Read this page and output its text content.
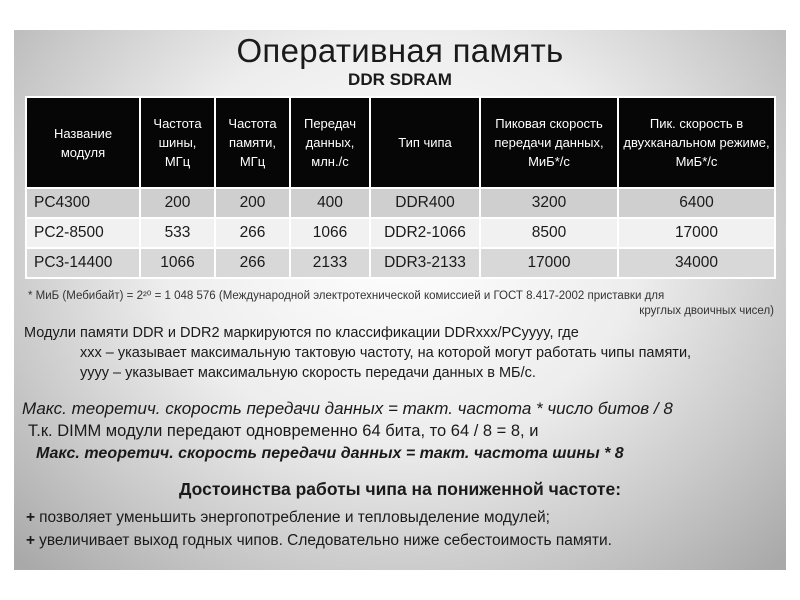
Оперативная память
DDR SDRAM
Название модуля	Частота шины, МГц	Частота памяти, МГц	Передач данных, млн./с	Тип чипа	Пиковая скорость передачи данных, МиБ*/с	Пик. скорость в двухканальном режиме, МиБ*/с
PC4300	200	200	400	DDR400	3200	6400
PC2-8500	533	266	1066	DDR2-1066	8500	17000
PC3-14400	1066	266	2133	DDR3-2133	17000	34000
* МиБ (Мебибайт) = 2²⁰ = 1 048 576 (Международной электротехнической комиссией и ГОСТ 8.417-2002 приставки для
круглых двоичных чисел)
Модули памяти DDR и DDR2 маркируются по классификации DDRxxx/PCyyyy, где
xxx – указывает максимальную тактовую частоту, на которой могут работать чипы памяти,
yyyy – указывает максимальную скорость передачи данных в МБ/с.
Макс. теоретич. скорость передачи данных = такт. частота * число битов / 8
Т.к. DIMM модули передают одновременно 64 бита, то 64 / 8 = 8, и
Макс. теоретич. скорость передачи данных = такт. частота шины * 8
Достоинства работы чипа на пониженной частоте:
+ позволяет уменьшить энергопотребление и тепловыделение модулей;
+ увеличивает выход годных чипов. Следовательно ниже себестоимость памяти.
